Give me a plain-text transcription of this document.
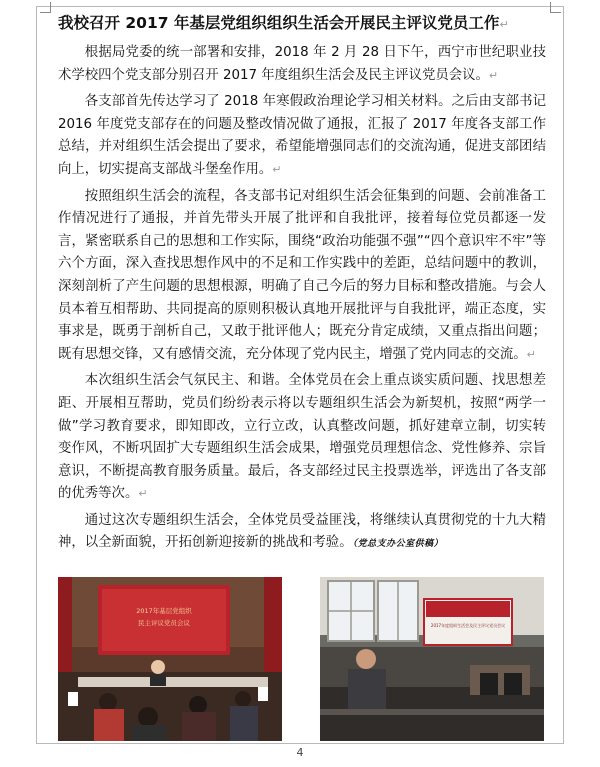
我校召开 2017 年基层党组织组织生活会开展民主评议党员工作↵

根据局党委的统一部署和安排，2018 年 2 月 28 日下午，西宁市世纪职业技术学校四个党支部分别召开 2017 年度组织生活会及民主评议党员会议。↵

各支部首先传达学习了 2018 年寒假政治理论学习相关材料。之后由支部书记 2016 年度党支部存在的问题及整改情况做了通报，汇报了 2017 年度各支部工作总结，并对组织生活会提出了要求，希望能增强同志们的交流沟通，促进支部团结向上，切实提高支部战斗堡垒作用。↵

按照组织生活会的流程，各支部书记对组织生活会征集到的问题、会前准备工作情况进行了通报，并首先带头开展了批评和自我批评，接着每位党员都逐一发言，紧密联系自己的思想和工作实际，围绕“政治功能强不强”“四个意识牢不牢”等六个方面，深入查找思想作风中的不足和工作实践中的差距，总结问题中的教训，深刻剖析了产生问题的思想根源，明确了自己今后的努力目标和整改措施。与会人员本着互相帮助、共同提高的原则积极认真地开展批评与自我批评，端正态度，实事求是，既勇于剖析自己，又敢于批评他人；既充分肯定成绩，又重点指出问题；既有思想交锋，又有感情交流，充分体现了党内民主，增强了党内同志的交流。↵

本次组织生活会气氛民主、和谐。全体党员在会上重点谈实质问题、找思想差距、开展相互帮助，党员们纷纷表示将以专题组织生活会为新契机，按照“两学一做”学习教育要求，即知即改，立行立改，认真整改问题，抓好建章立制，切实转变作风，不断巩固扩大专题组织生活会成果，增强党员理想信念、党性修养、宗旨意识，不断提高教育服务质量。最后，各支部经过民主投票选举，评选出了各支部的优秀等次。↵

通过这次专题组织生活会，全体党员受益匪浅，将继续认真贯彻党的十九大精神，以全新面貌，开拓创新迎接新的挑战和考验。（党总支办公室供稿）

2017年基层党组织
民主评议党员会议	2017年度组织生活会及民主评议党员会议
4
